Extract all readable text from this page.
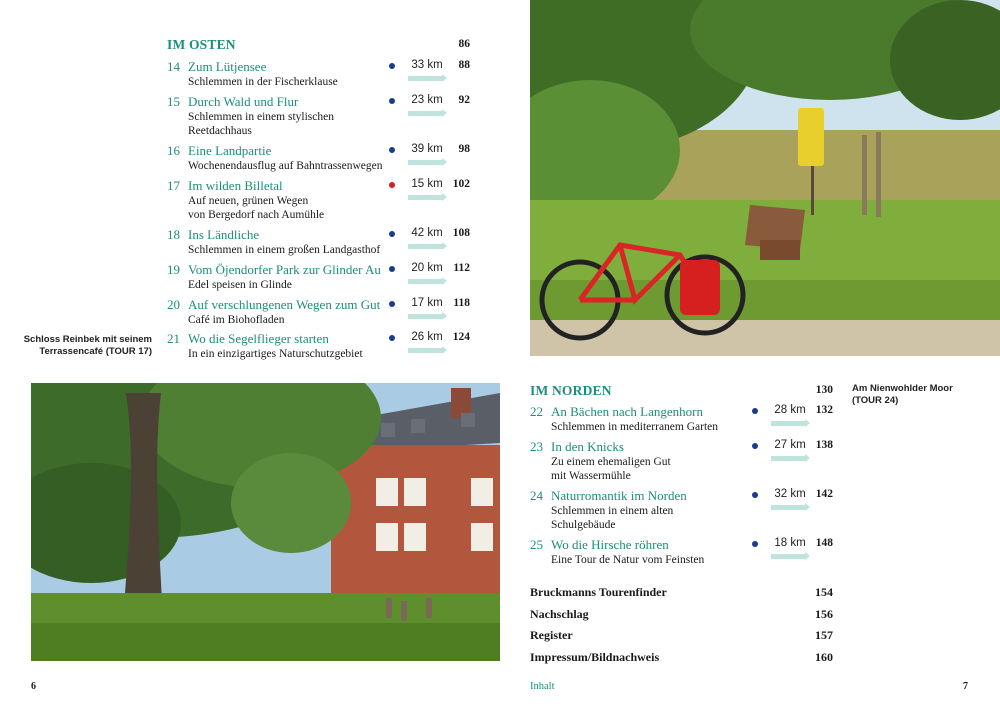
IM OSTEN	86
14 Zum Lütjensee
Schlemmen in der Fischerklause
33 km	88
15 Durch Wald und Flur
Schlemmen in einem stylischen
Reetdachhaus
23 km	92
16 Eine Landpartie
Wochenendausflug auf Bahntrassenwegen
39 km	98
17 Im wilden Billetal
Auf neuen, grünen Wegen
von Bergedorf nach Aumühle
15 km 102
18 Ins Ländliche
Schlemmen in einem großen Landgasthof
42 km 108
19 Vom Öjendorfer Park zur Glinder Au
Edel speisen in Glinde
20 km 112
20 Auf verschlungenen Wegen zum Gut
Café im Biohofladen
17 km 118
21 Wo die Segelflieger starten
In ein einzigartiges Naturschutzgebiet
26 km 124
Schloss Reinbek mit seinem
Terrassencafé (TOUR 17)
6
IM NORDEN	130
22 An Bächen nach Langenhorn
Schlemmen in mediterranem Garten
28 km 132
23 In den Knicks
Zu einem ehemaligen Gut
mit Wassermühle
27 km 138
24 Naturromantik im Norden
Schlemmen in einem alten
Schulgebäude
32 km 142
25 Wo die Hirsche röhren
Eine Tour de Natur vom Feinsten
18 km 148
Am Nienwohlder Moor
(TOUR 24)
Bruckmanns Tourenfinder	154
Nachschlag	156
Register	157
Impressum/Bildnachweis	160
Inhalt	7
